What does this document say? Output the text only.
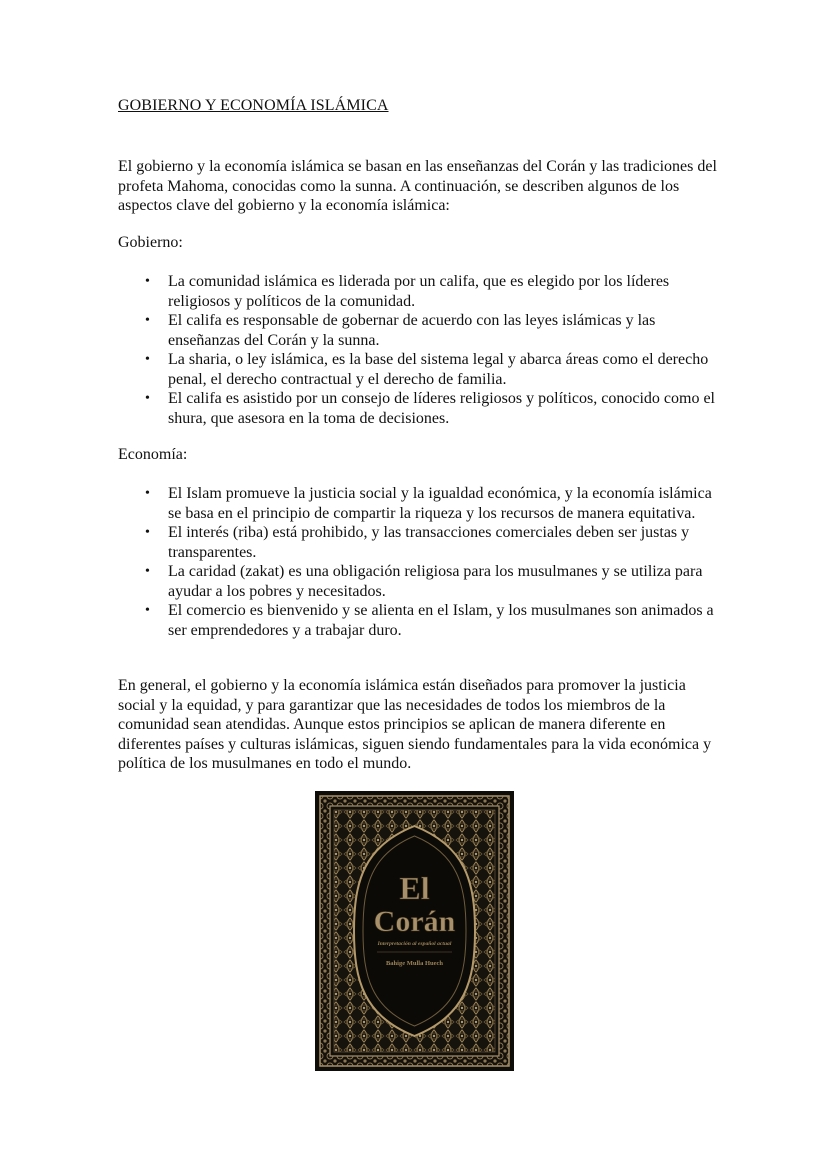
GOBIERNO Y ECONOMÍA ISLÁMICA

El gobierno y la economía islámica se basan en las enseñanzas del Corán y las tradiciones del profeta Mahoma, conocidas como la sunna. A continuación, se describen algunos de los aspectos clave del gobierno y la economía islámica:

Gobierno:

• La comunidad islámica es liderada por un califa, que es elegido por los líderes religiosos y políticos de la comunidad.
• El califa es responsable de gobernar de acuerdo con las leyes islámicas y las enseñanzas del Corán y la sunna.
• La sharia, o ley islámica, es la base del sistema legal y abarca áreas como el derecho penal, el derecho contractual y el derecho de familia.
• El califa es asistido por un consejo de líderes religiosos y políticos, conocido como el shura, que asesora en la toma de decisiones.

Economía:

• El Islam promueve la justicia social y la igualdad económica, y la economía islámica se basa en el principio de compartir la riqueza y los recursos de manera equitativa.
• El interés (riba) está prohibido, y las transacciones comerciales deben ser justas y transparentes.
• La caridad (zakat) es una obligación religiosa para los musulmanes y se utiliza para ayudar a los pobres y necesitados.
• El comercio es bienvenido y se alienta en el Islam, y los musulmanes son animados a ser emprendedores y a trabajar duro.

En general, el gobierno y la economía islámica están diseñados para promover la justicia social y la equidad, y para garantizar que las necesidades de todos los miembros de la comunidad sean atendidas. Aunque estos principios se aplican de manera diferente en diferentes países y culturas islámicas, siguen siendo fundamentales para la vida económica y política de los musulmanes en todo el mundo.

El
Corán
Interpretación al español actual
Bahige Mulla Huech
